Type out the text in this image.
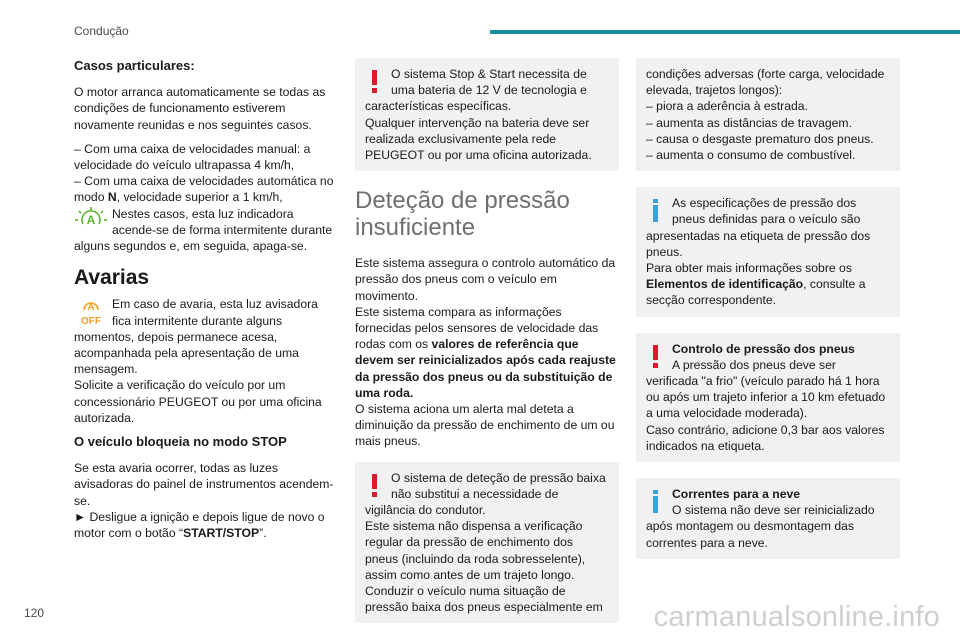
Condução
Casos particulares:

O motor arranca automaticamente se todas as condições de funcionamento estiverem novamente reunidas e nos seguintes casos.

– Com uma caixa de velocidades manual: a velocidade do veículo ultrapassa 4 km/h,
– Com uma caixa de velocidades automática no modo N, velocidade superior a 1 km/h,
A Nestes casos, esta luz indicadora acende-se de forma intermitente durante alguns segundos e, em seguida, apaga-se.
Avarias
A
OFF
Em caso de avaria, esta luz avisadora fica intermitente durante alguns momentos, depois permanece acesa, acompanhada pela apresentação de uma mensagem.

Solicite a verificação do veículo por um concessionário PEUGEOT ou por uma oficina autorizada.

O veículo bloqueia no modo STOP

Se esta avaria ocorrer, todas as luzes avisadoras do painel de instrumentos acendem-se.

► Desligue a ignição e depois ligue de novo o motor com o botão “START/STOP”.
O sistema Stop & Start necessita de uma bateria de 12 V de tecnologia e características específicas.
Qualquer intervenção na bateria deve ser realizada exclusivamente pela rede PEUGEOT ou por uma oficina autorizada.
Deteção de pressão insuficiente

Este sistema assegura o controlo automático da pressão dos pneus com o veículo em movimento.

Este sistema compara as informações fornecidas pelos sensores de velocidade das rodas com os valores de referência que devem ser reinicializados após cada reajuste da pressão dos pneus ou da substituição de uma roda.

O sistema aciona um alerta mal deteta a diminuição da pressão de enchimento de um ou mais pneus.

O sistema de deteção de pressão baixa não substitui a necessidade de vigilância do condutor.
Este sistema não dispensa a verificação regular da pressão de enchimento dos pneus (incluindo da roda sobresselente), assim como antes de um trajeto longo.
Conduzir o veículo numa situação de pressão baixa dos pneus especialmente em
condições adversas (forte carga, velocidade elevada, trajetos longos):
– piora a aderência à estrada.
– aumenta as distâncias de travagem.
– causa o desgaste prematuro dos pneus.
– aumenta o consumo de combustível.
As especificações de pressão dos pneus definidas para o veículo são apresentadas na etiqueta de pressão dos pneus.
Para obter mais informações sobre os Elementos de identificação, consulte a secção correspondente.
Controlo de pressão dos pneus
A pressão dos pneus deve ser verificada "a frio" (veículo parado há 1 hora ou após um trajeto inferior a 10 km efetuado a uma velocidade moderada).
Caso contrário, adicione 0,3 bar aos valores indicados na etiqueta.
Correntes para a neve
O sistema não deve ser reinicializado após montagem ou desmontagem das correntes para a neve.
120	carmanualsonline.info
